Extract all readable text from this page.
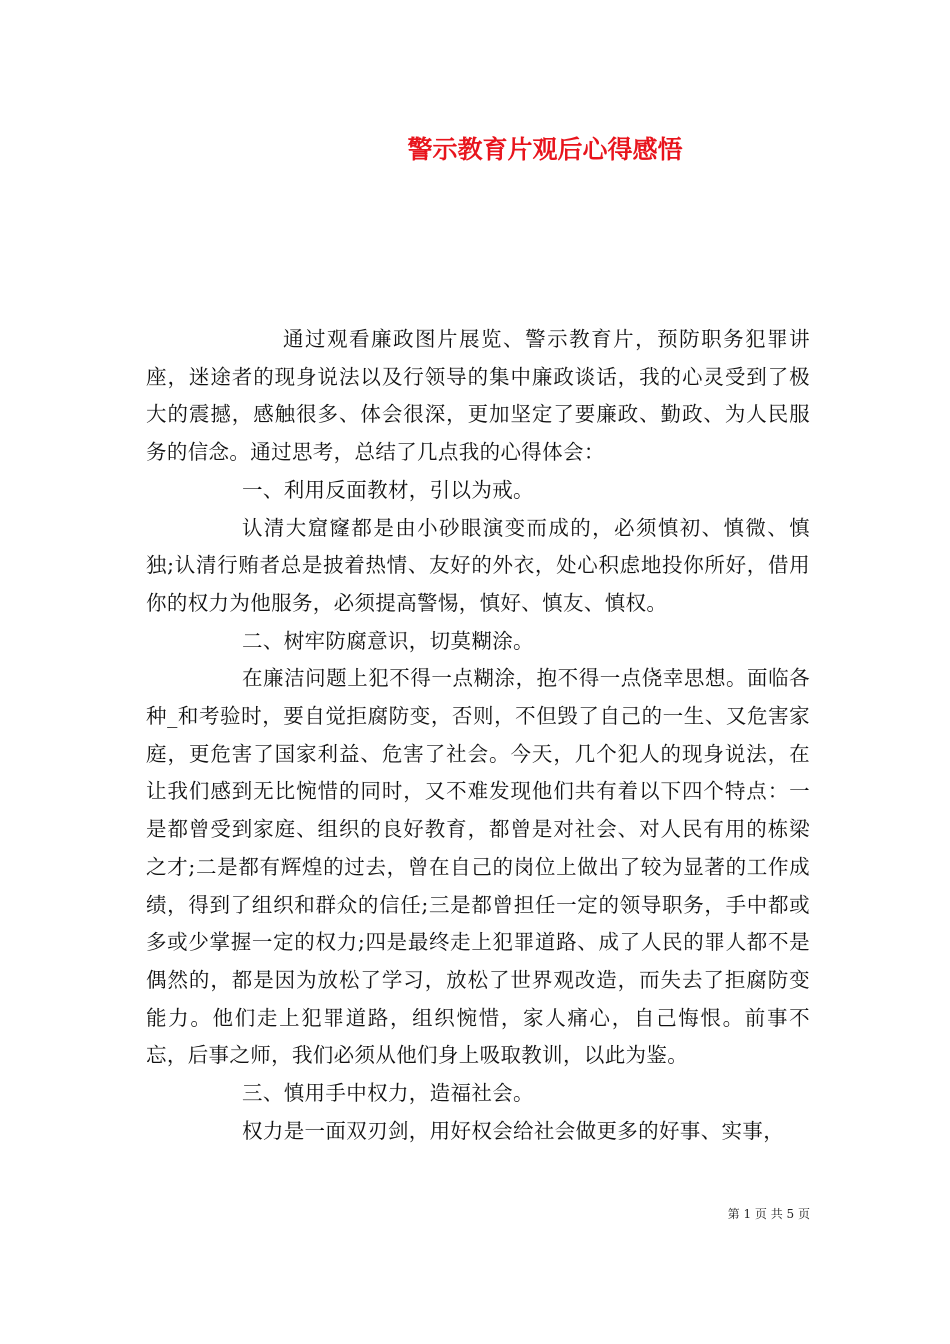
警示教育片观后心得感悟

通过观看廉政图片展览、警示教育片，预防职务犯罪讲座，迷途者的现身说法以及行领导的集中廉政谈话，我的心灵受到了极大的震撼，感触很多、体会很深，更加坚定了要廉政、勤政、为人民服务的信念。通过思考，总结了几点我的心得体会：

一、利用反面教材，引以为戒。

认清大窟窿都是由小砂眼演变而成的，必须慎初、慎微、慎独;认清行贿者总是披着热情、友好的外衣，处心积虑地投你所好，借用你的权力为他服务，必须提高警惕，慎好、慎友、慎权。

二、树牢防腐意识，切莫糊涂。

在廉洁问题上犯不得一点糊涂，抱不得一点侥幸思想。面临各种_和考验时，要自觉拒腐防变，否则，不但毁了自己的一生、又危害家庭，更危害了国家利益、危害了社会。今天，几个犯人的现身说法，在让我们感到无比惋惜的同时，又不难发现他们共有着以下四个特点：一是都曾受到家庭、组织的良好教育，都曾是对社会、对人民有用的栋梁之才;二是都有辉煌的过去，曾在自己的岗位上做出了较为显著的工作成绩，得到了组织和群众的信任;三是都曾担任一定的领导职务，手中都或多或少掌握一定的权力;四是最终走上犯罪道路、成了人民的罪人都不是偶然的，都是因为放松了学习，放松了世界观改造，而失去了拒腐防变能力。他们走上犯罪道路，组织惋惜，家人痛心，自己悔恨。前事不忘，后事之师，我们必须从他们身上吸取教训，以此为鉴。

三、慎用手中权力，造福社会。

权力是一面双刃剑，用好权会给社会做更多的好事、实事，

第 1 页 共 5 页
